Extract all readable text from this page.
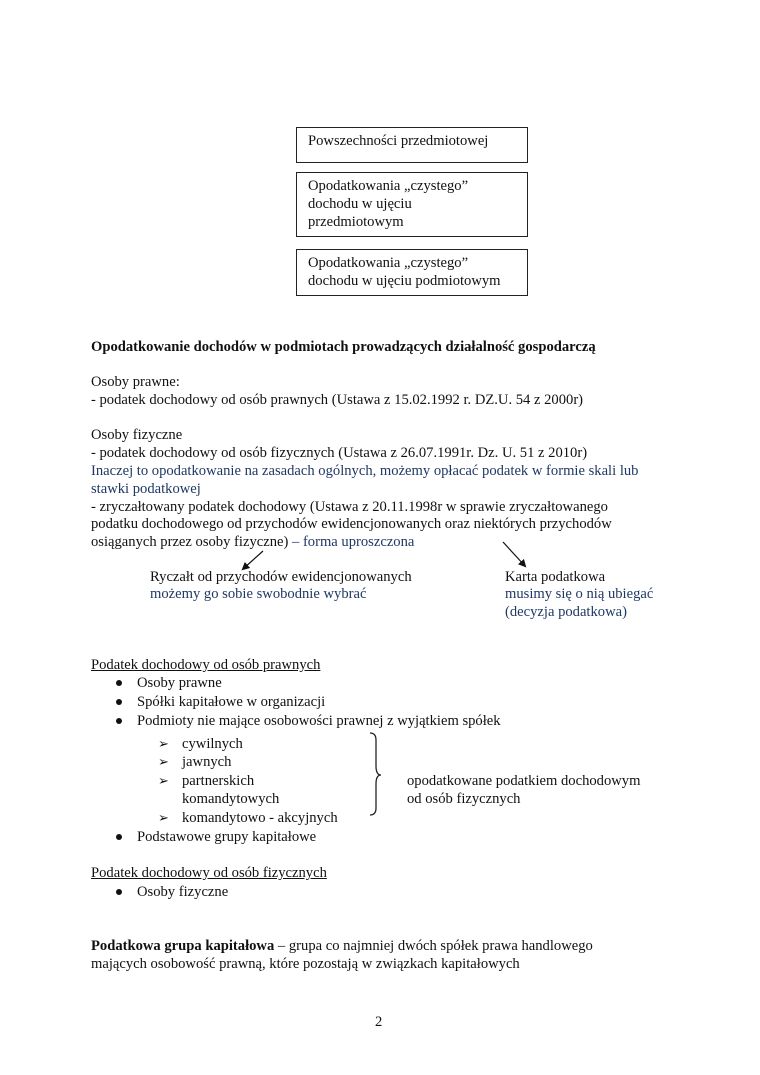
Powszechności przedmiotowej
Opodatkowania „czystego”
dochodu w ujęciu
przedmiotowym
Opodatkowania „czystego”
dochodu w ujęciu podmiotowym
Opodatkowanie dochodów w podmiotach prowadzących działalność gospodarczą
Osoby prawne:
- podatek dochodowy od osób prawnych (Ustawa z 15.02.1992 r. DZ.U. 54 z 2000r)
Osoby fizyczne
- podatek dochodowy od osób fizycznych (Ustawa z 26.07.1991r. Dz. U. 51 z 2010r)
Inaczej to opodatkowanie na zasadach ogólnych, możemy opłacać podatek w formie skali lub
stawki podatkowej
- zryczałtowany podatek dochodowy (Ustawa z 20.11.1998r w sprawie zryczałtowanego
podatku dochodowego od przychodów ewidencjonowanych oraz niektórych przychodów
osiąganych przez osoby fizyczne) – forma uproszczona
Ryczałt od przychodów ewidencjonowanych
możemy go sobie swobodnie wybrać
Karta podatkowa
musimy się o nią ubiegać
(decyzja podatkowa)
Podatek dochodowy od osób prawnych
Osoby prawne
Spółki kapitałowe w organizacji
Podmioty nie mające osobowości prawnej z wyjątkiem spółek
➢ cywilnych
➢ jawnych
➢ partnerskich
komandytowych
➢ komandytowo - akcyjnych
opodatkowane podatkiem dochodowym
od osób fizycznych
Podstawowe grupy kapitałowe
Podatek dochodowy od osób fizycznych
Osoby fizyczne
Podatkowa grupa kapitałowa – grupa co najmniej dwóch spółek prawa handlowego
mających osobowość prawną, które pozostają w związkach kapitałowych
2
